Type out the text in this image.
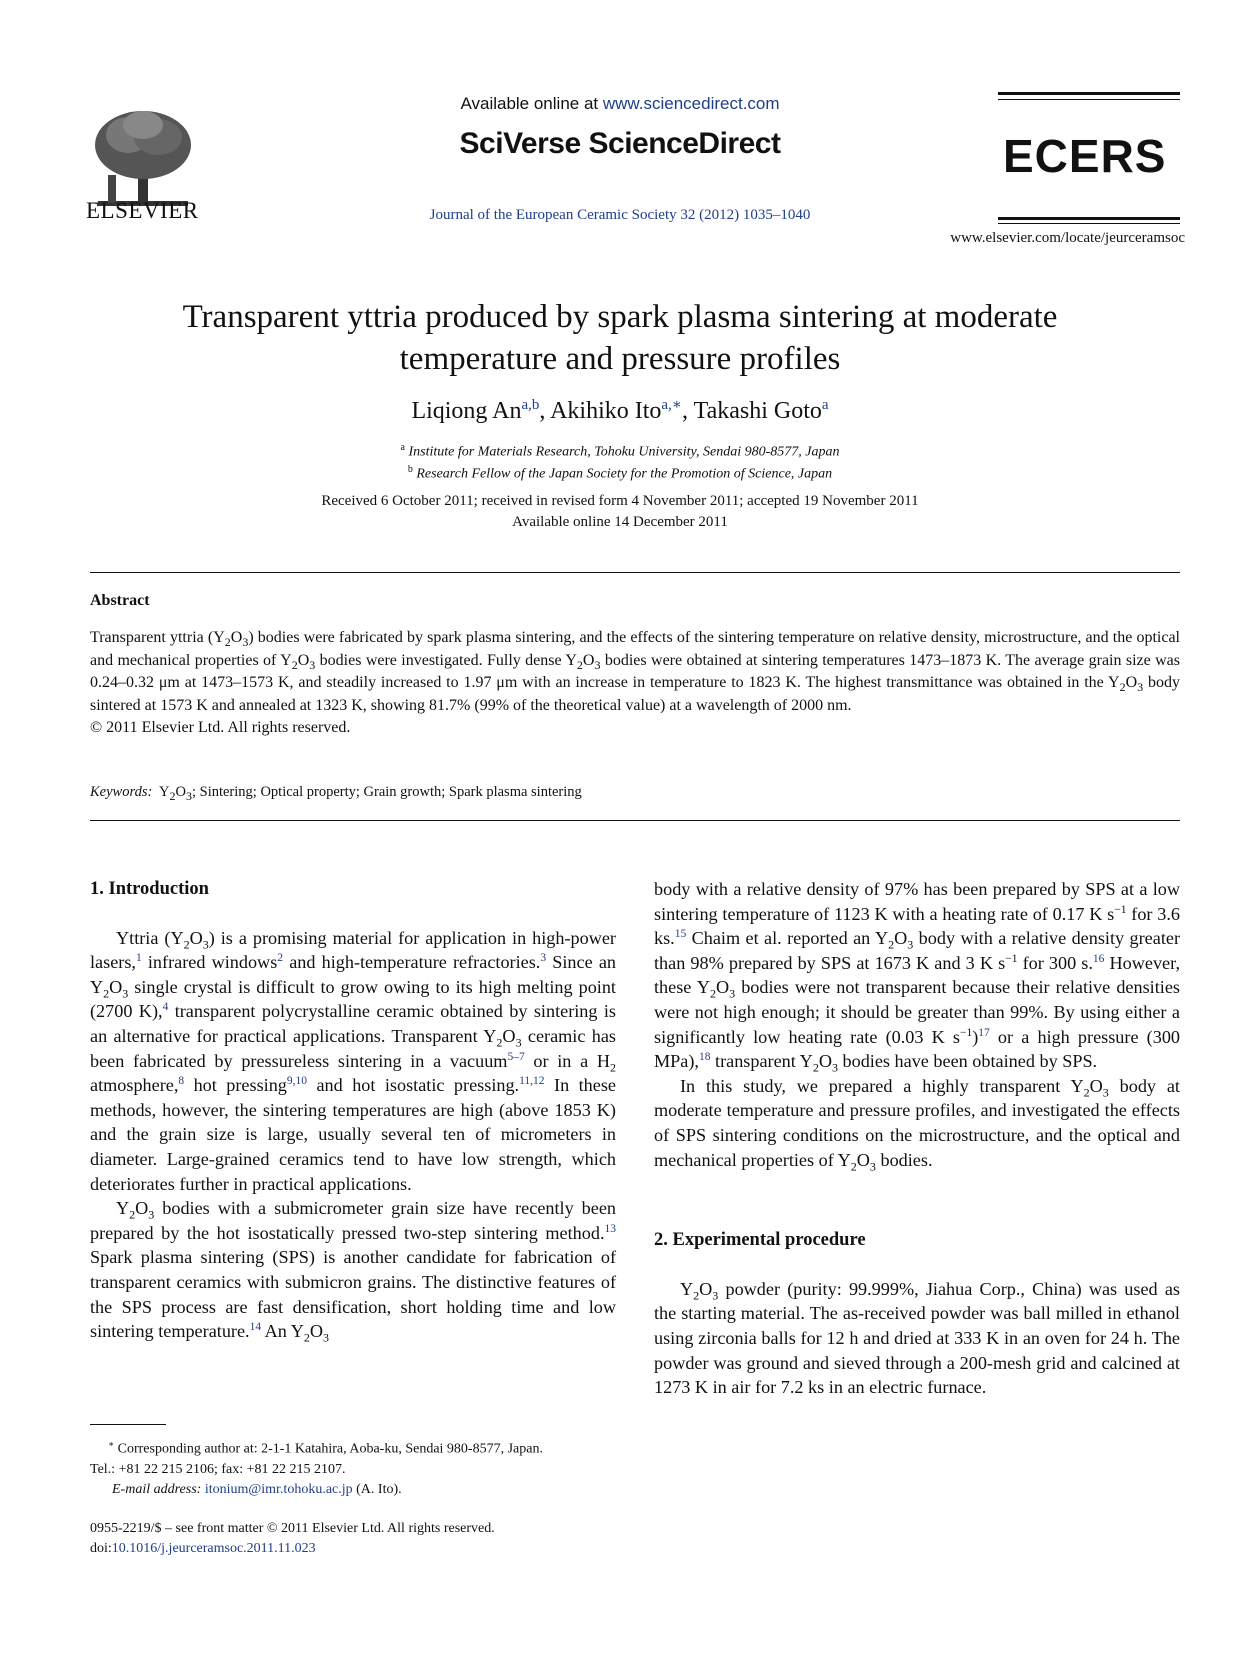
ELSEVIER
Available online at www.sciencedirect.com
SciVerse ScienceDirect
Journal of the European Ceramic Society 32 (2012) 1035–1040
ECERS
www.elsevier.com/locate/jeurceramsoc
Transparent yttria produced by spark plasma sintering at moderate
temperature and pressure profiles
Liqiong An$^{a,b}$, Akihiko Ito$^{a,∗}$, Takashi Goto$^a$
$^a$ Institute for Materials Research, Tohoku University, Sendai 980-8577, Japan
$^b$ Research Fellow of the Japan Society for the Promotion of Science, Japan
Received 6 October 2011; received in revised form 4 November 2011; accepted 19 November 2011
Available online 14 December 2011
Abstract
Transparent yttria $(Y_2O_3)$ bodies were fabricated by spark plasma sintering, and the effects of the sintering temperature on relative density, microstructure, and the optical and mechanical properties of $Y_2O_3$ bodies were investigated. Fully dense $Y_2O_3$ bodies were obtained at sintering temperatures 1473–1873 K. The average grain size was 0.24–0.32 μm at 1473–1573 K, and steadily increased to 1.97 μm with an increase in temperature to 1823 K. The highest transmittance was obtained in the $Y_2O_3$ body sintered at 1573 K and annealed at 1323 K, showing 81.7% (99% of the theoretical value) at a wavelength of 2000 nm.
© 2011 Elsevier Ltd. All rights reserved.
Keywords:  $Y_2O_3$; Sintering; Optical property; Grain growth; Spark plasma sintering

1. Introduction

Yttria $(Y_2O_3)$ is a promising material for application in high-power lasers,$^1$ infrared windows$^2$ and high-temperature refractories.$^3$ Since an $Y_2O_3$ single crystal is difficult to grow owing to its high melting point (2700 K),$^4$ transparent polycrystalline ceramic obtained by sintering is an alternative for practical applications. Transparent $Y_2O_3$ ceramic has been fabricated by pressureless sintering in a vacuum$^{5-7}$ or in a $H_2$ atmosphere,$^8$ hot pressing$^{9,10}$ and hot isostatic pressing.$^{11,12}$ In these methods, however, the sintering temperatures are high (above 1853 K) and the grain size is large, usually several ten of micrometers in diameter. Large-grained ceramics tend to have low strength, which deteriorates further in practical applications.

$Y_2O_3$ bodies with a submicrometer grain size have recently been prepared by the hot isostatically pressed two-step sintering method.$^{13}$ Spark plasma sintering (SPS) is another candidate for fabrication of transparent ceramics with submicron grains. The distinctive features of the SPS process are fast densification, short holding time and low sintering temperature.$^{14}$ An $Y_2O_3$

∗ Corresponding author at: 2-1-1 Katahira, Aoba-ku, Sendai 980-8577, Japan.
Tel.: +81 22 215 2106; fax: +81 22 215 2107.
E-mail address: itonium@imr.tohoku.ac.jp (A. Ito).
0955-2219/$ – see front matter © 2011 Elsevier Ltd. All rights reserved.
doi:10.1016/j.jeurceramsoc.2011.11.023

body with a relative density of 97% has been prepared by SPS at a low sintering temperature of 1123 K with a heating rate of 0.17 K $s^{-1}$ for 3.6 ks.$^{15}$ Chaim et al. reported an $Y_2O_3$ body with a relative density greater than 98% prepared by SPS at 1673 K and 3 K $s^{-1}$ for 300 s.$^{16}$ However, these $Y_2O_3$ bodies were not transparent because their relative densities were not high enough; it should be greater than 99%. By using either a significantly low heating rate (0.03 K $s^{-1})^{17}$ or a high pressure (300 MPa),$^{18}$ transparent $Y_2O_3$ bodies have been obtained by SPS.

In this study, we prepared a highly transparent $Y_2O_3$ body at moderate temperature and pressure profiles, and investigated the effects of SPS sintering conditions on the microstructure, and the optical and mechanical properties of $Y_2O_3$ bodies.

2. Experimental procedure

$Y_2O_3$ powder (purity: 99.999%, Jiahua Corp., China) was used as the starting material. The as-received powder was ball milled in ethanol using zirconia balls for 12 h and dried at 333 K in an oven for 24 h. The powder was ground and sieved through a 200-mesh grid and calcined at 1273 K in air for 7.2 ks in an electric furnace.
